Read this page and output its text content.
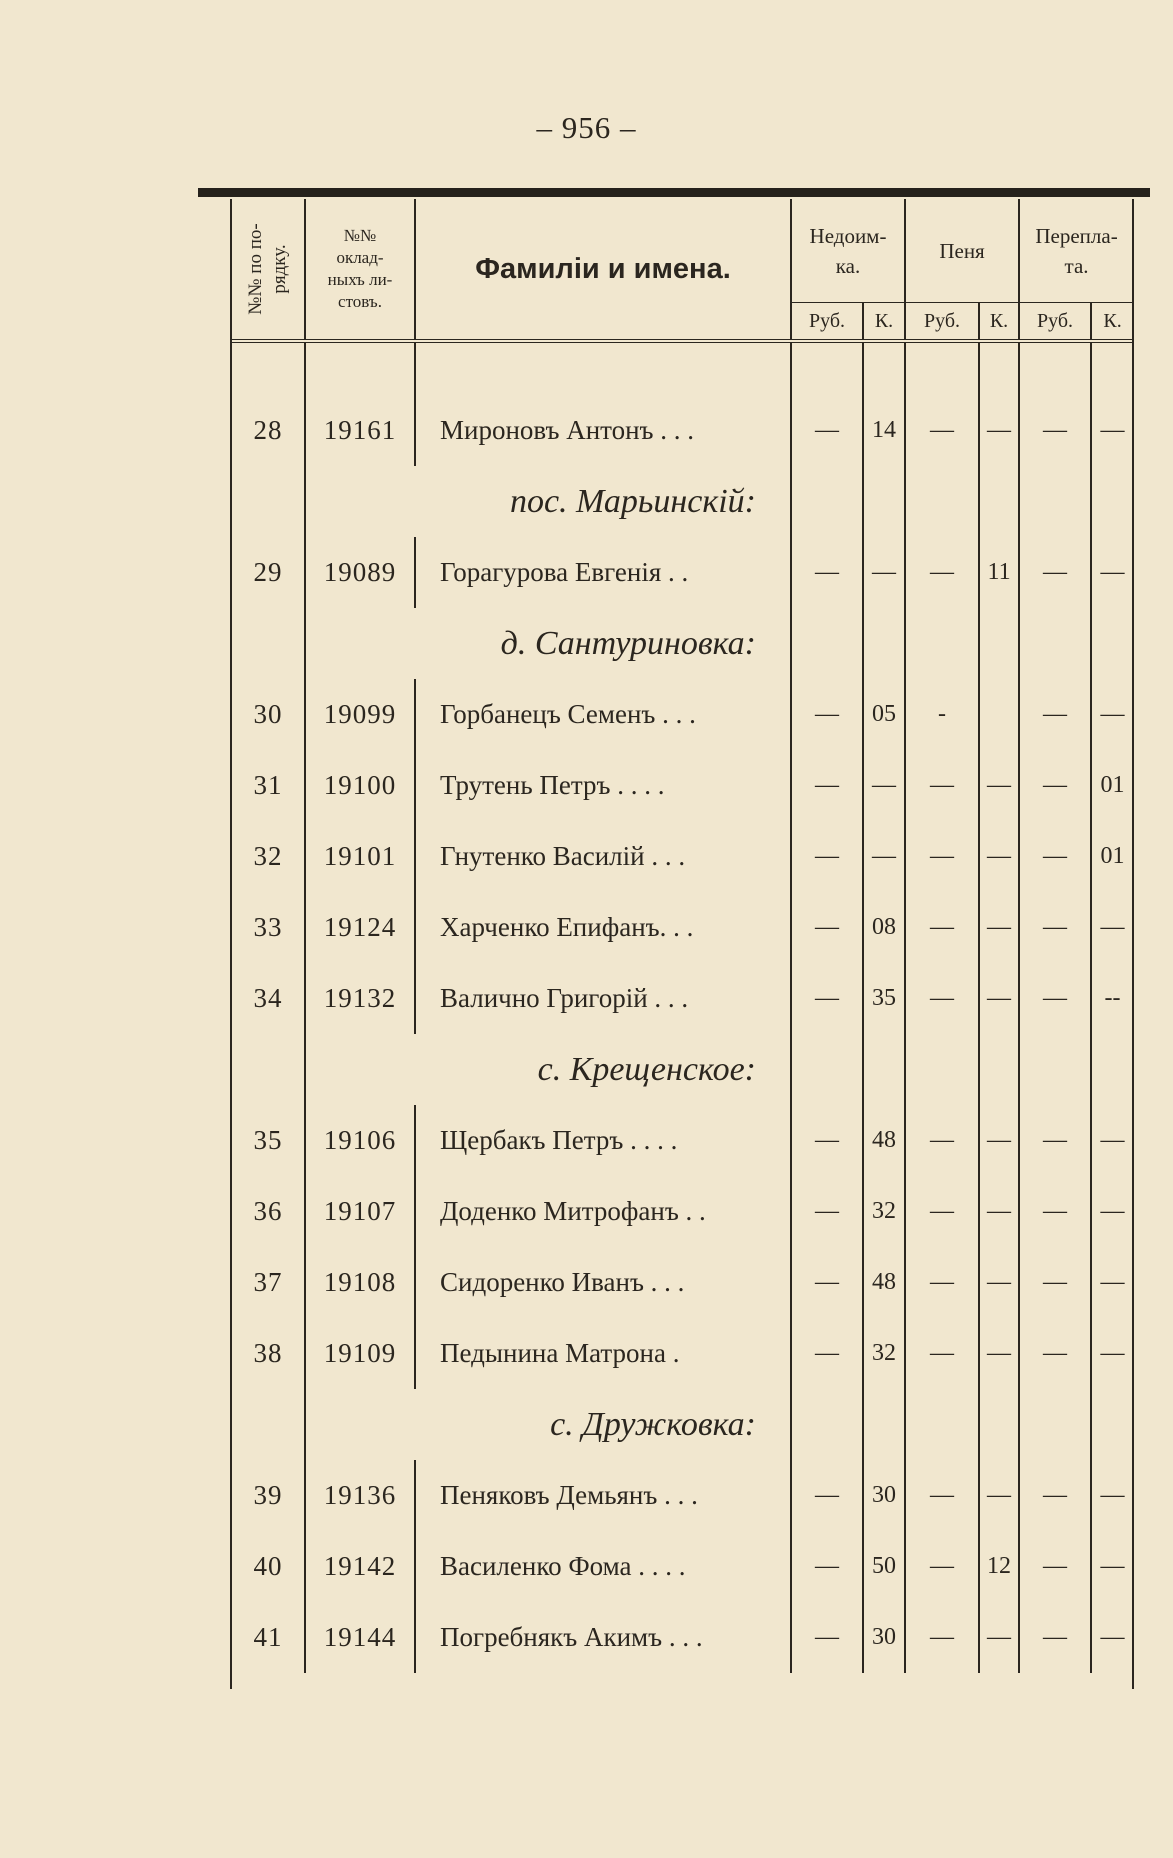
– 956 –
№№ по по-
рядку.	№№
оклад-
ныхъ ли-
стовъ.	Фамиліи и имена.	Недоим-
ка.		Пеня		Перепла-
та.	

			Руб.	К.	Руб.	К.	Руб.	К.

28	19161	Мироновъ Антонъ . . .	—	14	—	—	—	—
	пос. Марьинскій:							
29	19089	Горагурова Евгенія . .	—	—	—	11	—	—
	д. Сантуриновка:							
30	19099	Горбанецъ Семенъ . . .	—	05	-		—	—
31	19100	Трутень Петръ . . . .	—	—	—	—	—	01
32	19101	Гнутенко Василій . . .	—	—	—	—	—	01
33	19124	Харченко Епифанъ. . .	—	08	—	—	—	—
34	19132	Валично Григорій . . .	—	35	—	—	—	--
	с. Крещенское:							
35	19106	Щербакъ Петръ . . . .	—	48	—	—	—	—
36	19107	Доденко Митрофанъ . .	—	32	—	—	—	—
37	19108	Сидоренко Иванъ . . .	—	48	—	—	—	—
38	19109	Педынина Матрона .	—	32	—	—	—	—
	с. Дружковка:							
39	19136	Пеняковъ Демьянъ . . .	—	30	—	—	—	—
40	19142	Василенко Фома . . . .	—	50	—	12	—	—
41	19144	Погребнякъ Акимъ . . .	—	30	—	—	—	—
